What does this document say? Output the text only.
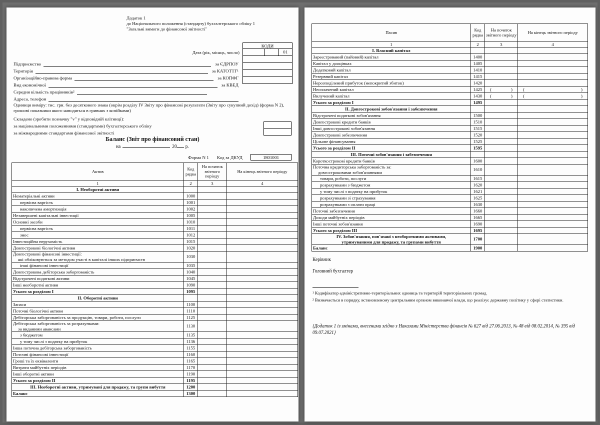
Додаток 1
до Національного положення (стандарту) бухгалтерського обліку 1
"Загальні вимоги до фінансової звітності"
Дата (рік, місяць, число)
КОДИ
01
Підприємство	за ЄДРПОУ
Територія	за КАТОТТГ¹
Організаційно-правова форма	за КОПФГ
Вид економічної	за КВЕД
Середня кількість працівників²
Адреса, телефон
Одиниця виміру: тис. грн. без десяткового знака (окрім розділу IV Звіту про фінансові результати (Звіту про сукупний дохід) (форма N 2), грошові показники якого наводяться в гривнях з копійками)
Складено (зробити позначку "v" у відповідній клітинці):
за національними положеннями (стандартами) бухгалтерського обліку
за міжнародними стандартами фінансової звітності
Баланс (Звіт про фінансовий стан)
на	20 р.
Форма N 1 Код за ДКУД	1801001
Актив	Код рядка	На початок звітного періоду	На кінець звітного періоду
1	2	3	4

I. Необоротні активи			

Нематеріальні активи	1000		

первісна вартість	1001		

накопичена амортизація	1002		

Незавершені капітальні інвестиції	1005		

Основні засоби	1010		

первісна вартість	1011		

знос	1012		

Інвестиційна нерухомість	1015		

Довгострокові біологічні активи	1020		

Довгострокові фінансові інвестиції:
які обліковуються за методом участі в капіталі інших підприємств	1030		

інші фінансові інвестиції	1035		

Довгострокова дебіторська заборгованість	1040		

Відстрочені податкові активи	1045		

Інші необоротні активи	1090		

Усього за розділом I	1095		

II. Оборотні активи			

Запаси	1100		

Поточні біологічні активи	1110		

Дебіторська заборгованість за продукцію, товари, роботи, послуги	1125		

Дебіторська заборгованість за розрахунками:
за виданими авансами	1130		

з бюджетом	1135		

у тому числі з податку на прибуток	1136		

Інша поточна дебіторська заборгованість	1155		

Поточні фінансові інвестиції	1160		

Гроші та їх еквіваленти	1165		

Витрати майбутніх періодів	1170		

Інші оборотні активи	1190		

Усього за розділом II	1195		

III. Необоротні активи, утримувані для продажу, та групи вибуття	1200		

Баланс	1300		
Пасив	Код рядка	На початок звітного періоду	На кінець звітного періоду
1	2	3	4

I. Власний капітал			

Зареєстрований (пайовий) капітал	1400		

Капітал у дооцінках	1405		

Додатковий капітал	1410		

Резервний капітал	1415		

Нерозподілений прибуток (непокритий збиток)	1420		

Неоплачений капітал	1425	( )	( )

Вилучений капітал	1430	( )	( )

Усього за розділом I	1495		

II. Довгострокові зобов'язання і забезпечення			

Відстрочені податкові зобов'язання	1500		

Довгострокові кредити банків	1510		

Інші довгострокові зобов'язання	1515		

Довгострокові забезпечення	1520		

Цільове фінансування	1525		

Усього за розділом II	1595		

III. Поточні зобов'язання і забезпечення			

Короткострокові кредити банків	1600		

Поточна кредиторська заборгованість за:
довгостроковими зобов'язаннями	1610		

товари, роботи, послуги	1615		

розрахунками з бюджетом	1620		

у тому числі з податку на прибуток	1621		

розрахунками зі страхування	1625		

розрахунками з оплати праці	1630		

Поточні забезпечення	1660		

Доходи майбутніх періодів	1665		

Інші поточні зобов'язання	1690		

Усього за розділом III	1695		

IV. Зобов'язання, пов'язані з необоротними активами,
утримуваними для продажу, та групами вибуття	1700		

Баланс	1900		
Керівник
Головний бухгалтер
¹ Кодифікатор адміністративно-територіальних одиниць та територій територіальних громад.
² Визначається в порядку, встановленому центральним органом виконавчої влади, що реалізує державну політику у сфері статистики.
{Додаток 1 із змінами, внесеними згідно з Наказами Міністерства фінансів № 627 від 27.06.2013, № 48 від 08.02.2014, № 395 від 09.07.2021}
